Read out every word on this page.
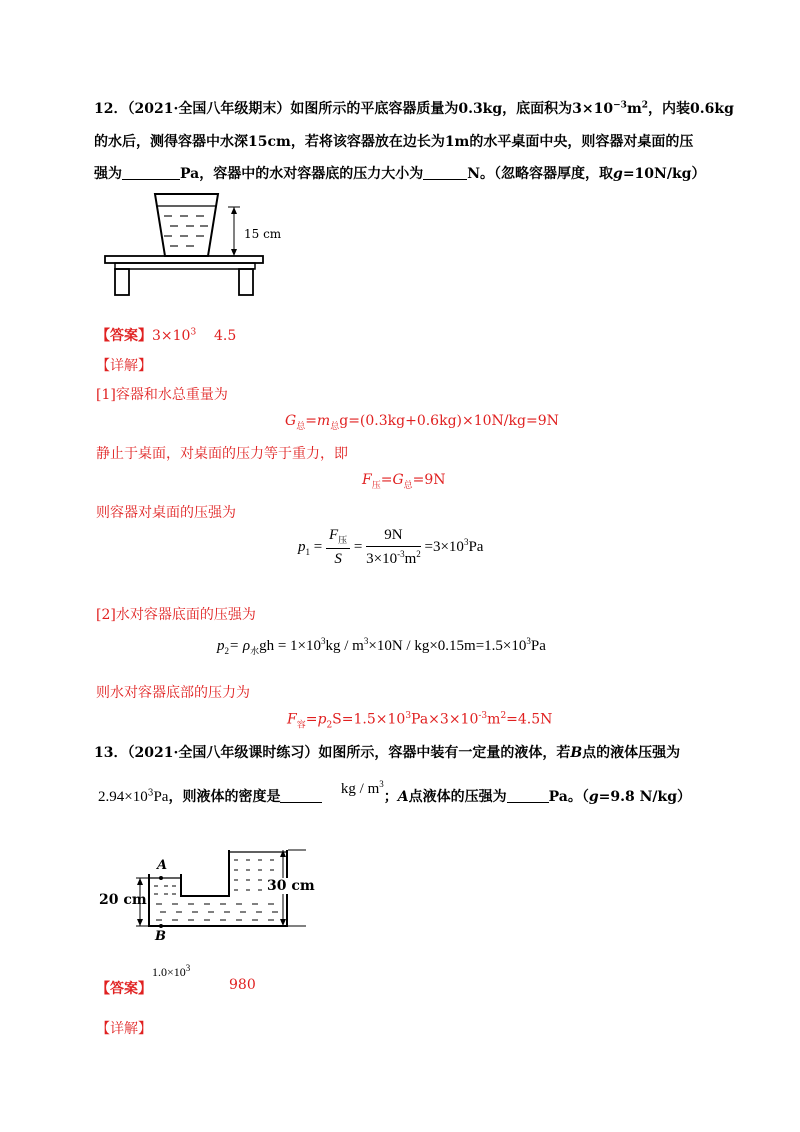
12．（2021·全国八年级期末）如图所示的平底容器质量为0.3kg，底面积为$3\times 10^{-3}m^2$，内装0.6kg
的水后，测得容器中水深15cm，若将该容器放在边长为1m的水平桌面中央，则容器对桌面的压
强为	Pa，容器中的水对容器底的压力大小为	N。（忽略容器厚度，取g=10N/kg）
15 cm
【答案】$3\times 10^3$ 4.5
【详解】
[1]容器和水总重量为
$G_总=m_总g=(0.3kg+0.6kg)\times 10N/kg=9N$
静止于桌面，对桌面的压力等于重力，即
$F_压=G_总=9N$
则容器对桌面的压强为
$p_1 = \frac{F_压}{S} = \frac{9N}{3\times 10^{-3}m^2} =3\times 10^3Pa$
[2]水对容器底面的压强为
$p_2= \rho_水gh = 1\times 10^3kg / m^3\times 10N / kg\times 0.15m=1.5\times 10^3Pa$
则水对容器底部的压力为
$F_容=p_2S=1.5\times 10^3Pa\times 3\times 10^{-3}m^2=4.5N$
13．（2021·全国八年级课时练习）如图所示，容器中装有一定量的液体，若B点的液体压强为
$2.94\times 10^3Pa$，则液体的密度是	kg / $m^3$；A点液体的压强为	Pa。（g=9.8 N/kg）
A
B
20 cm
30 cm
【答案】
$1.0\times 10^3$
980
【详解】
